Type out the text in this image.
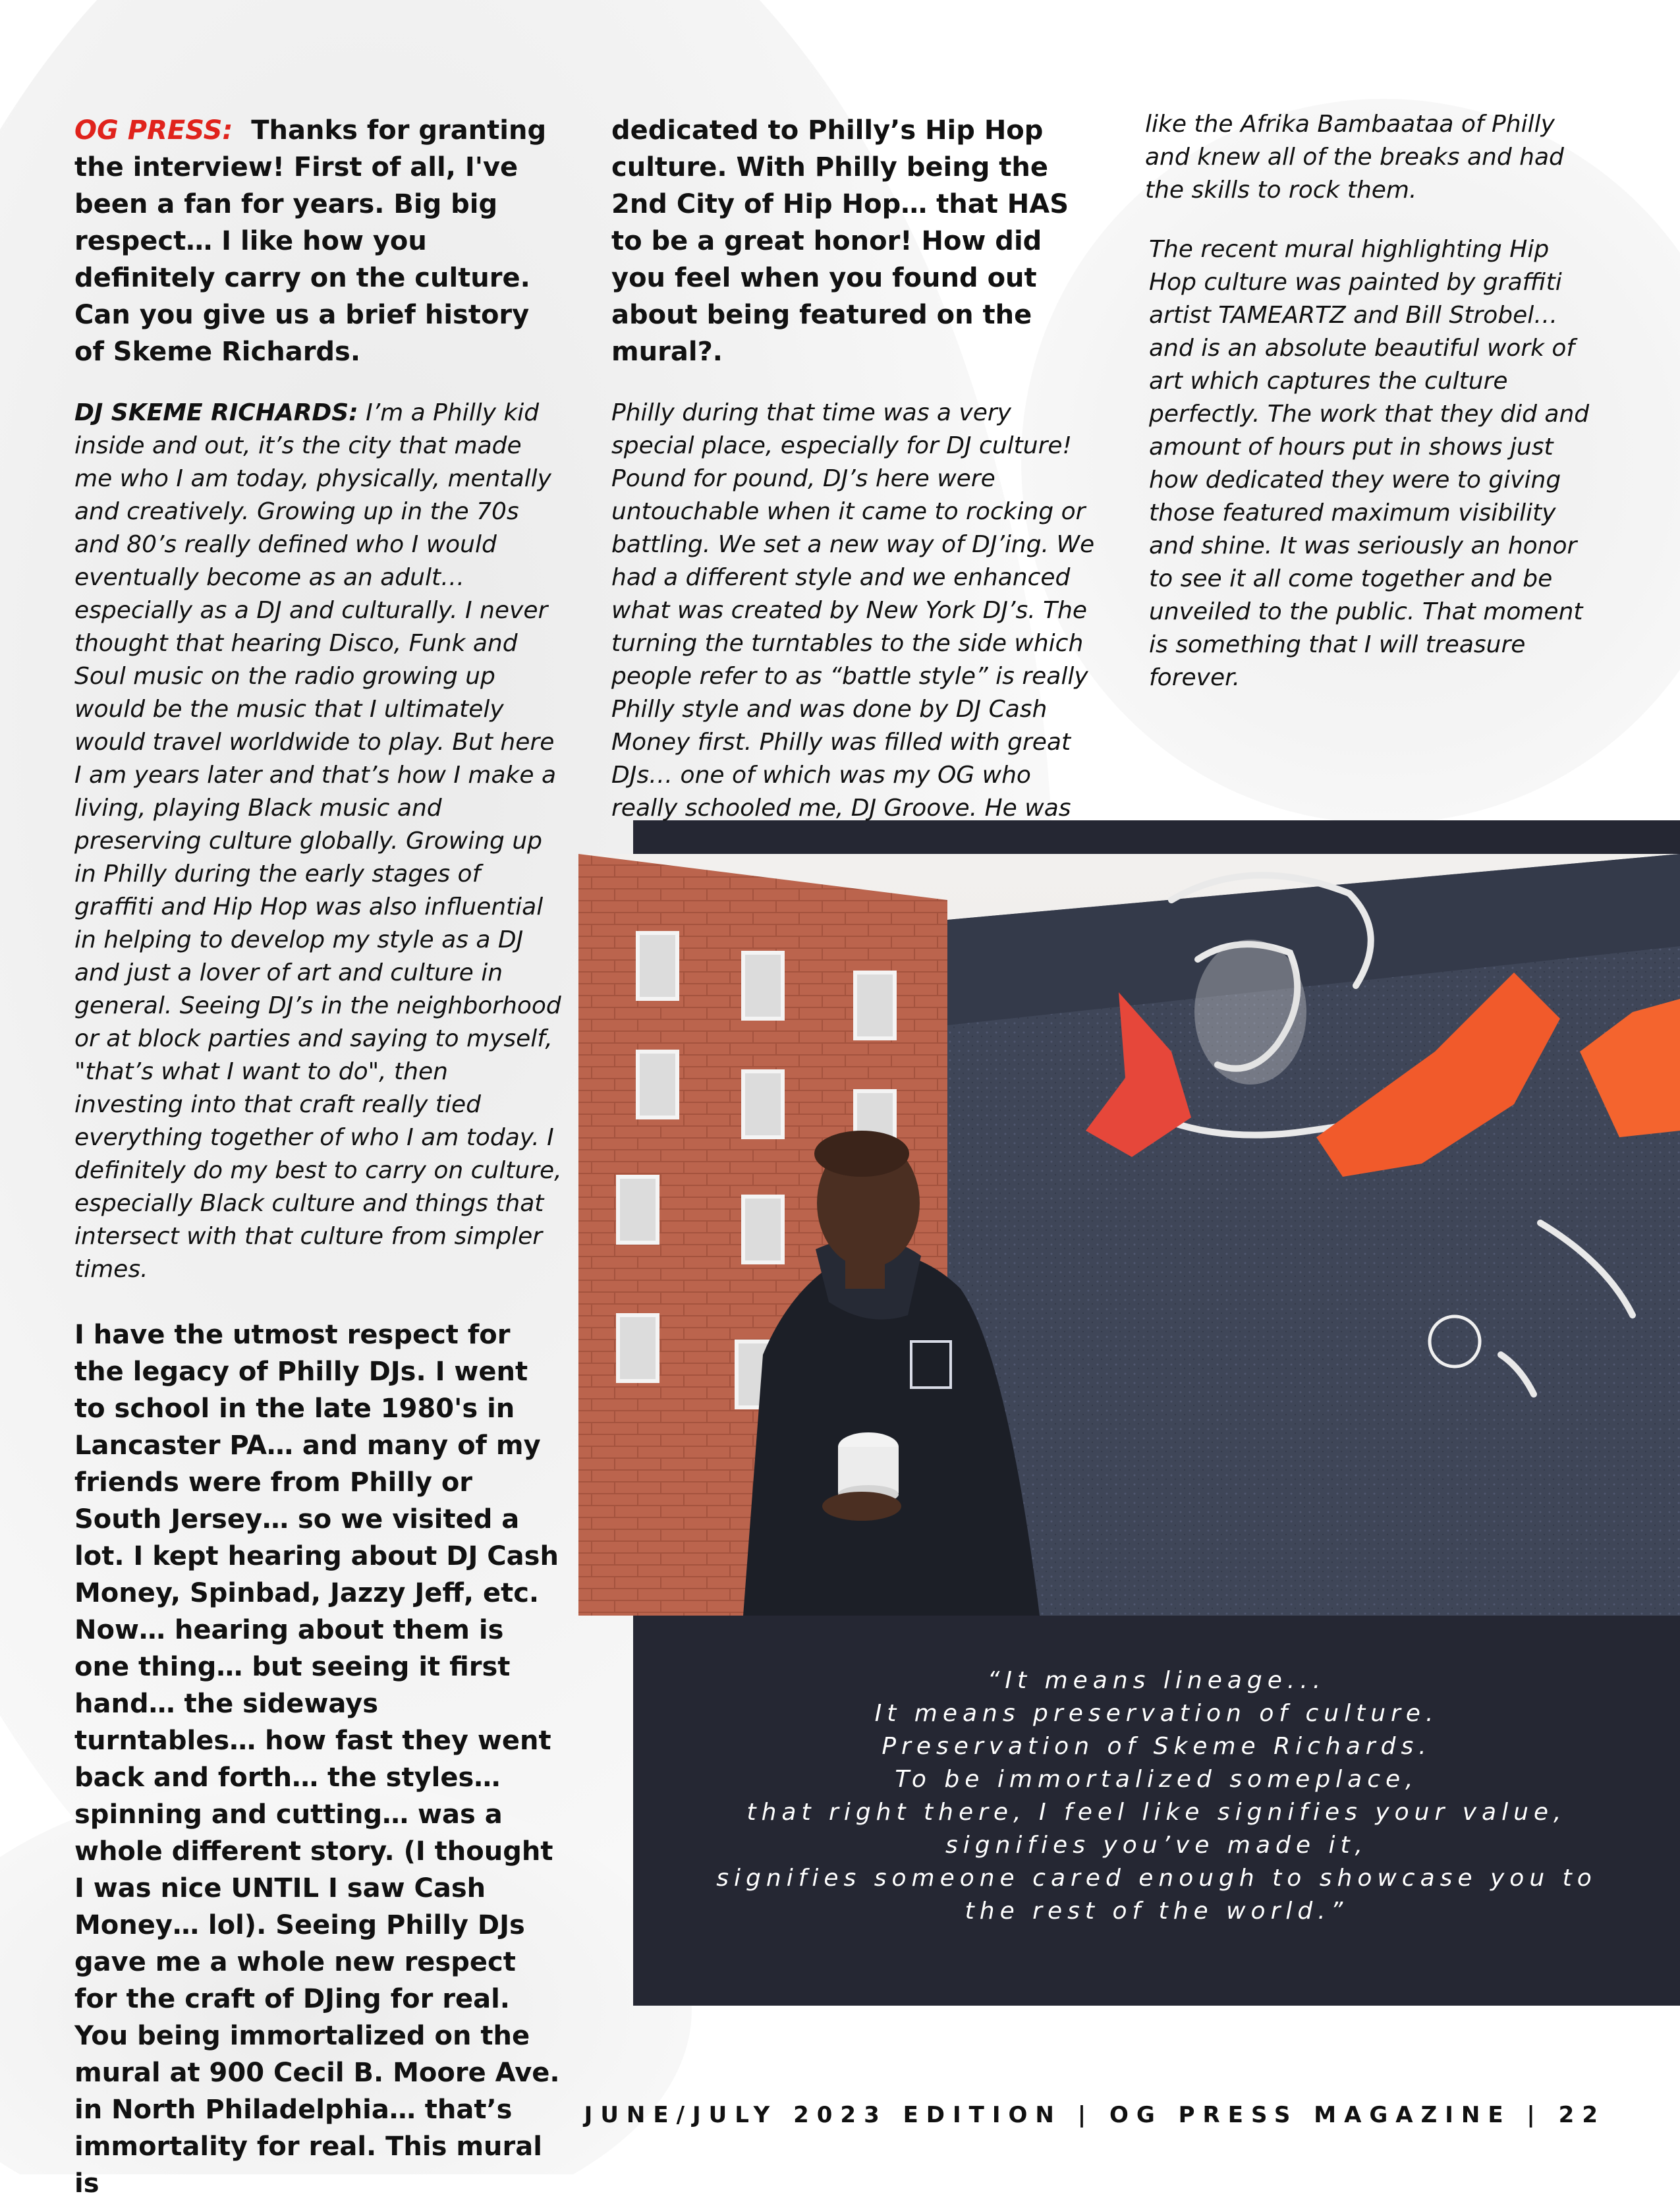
OG PRESS: Thanks for granting the interview! First of all, I've been a fan for years. Big big respect… I like how you definitely carry on the culture. Can you give us a brief history of Skeme Richards.

DJ SKEME RICHARDS: I’m a Philly kid inside and out, it’s the city that made me who I am today, physically, mentally and creatively. Growing up in the 70s and 80’s really defined who I would eventually become as an adult… especially as a DJ and culturally. I never thought that hearing Disco, Funk and Soul music on the radio growing up would be the music that I ultimately would travel worldwide to play. But here I am years later and that’s how I make a living, playing Black music and preserving culture globally. Growing up in Philly during the early stages of graffiti and Hip Hop was also influential in helping to develop my style as a DJ and just a lover of art and culture in general. Seeing DJ’s in the neighborhood or at block parties and saying to myself, "that’s what I want to do", then investing into that craft really tied everything together of who I am today. I definitely do my best to carry on culture, especially Black culture and things that intersect with that culture from simpler times.

I have the utmost respect for the legacy of Philly DJs. I went to school in the late 1980's in Lancaster PA… and many of my friends were from Philly or South Jersey… so we visited a lot. I kept hearing about DJ Cash Money, Spinbad, Jazzy Jeff, etc. Now… hearing about them is one thing… but seeing it first hand… the sideways turntables… how fast they went back and forth… the styles… spinning and cutting… was a whole different story. (I thought I was nice UNTIL I saw Cash Money… lol). Seeing Philly DJs gave me a whole new respect for the craft of DJing for real. You being immortalized on the mural at 900 Cecil B. Moore Ave. in North Philadelphia… that’s immortality for real. This mural is

dedicated to Philly’s Hip Hop culture. With Philly being the 2nd City of Hip Hop… that HAS to be a great honor! How did you feel when you found out about being featured on the mural?.

Philly during that time was a very special place, especially for DJ culture! Pound for pound, DJ’s here were untouchable when it came to rocking or battling. We set a new way of DJ’ing. We had a different style and we enhanced what was created by New York DJ’s. The turning the turntables to the side which people refer to as “battle style” is really Philly style and was done by DJ Cash Money first. Philly was filled with great DJs… one of which was my OG who really schooled me, DJ Groove. He was

like the Afrika Bambaataa of Philly and knew all of the breaks and had the skills to rock them.

The recent mural highlighting Hip Hop culture was painted by graffiti artist TAMEARTZ and Bill Strobel… and is an absolute beautiful work of art which captures the culture perfectly. The work that they did and amount of hours put in shows just how dedicated they were to giving those featured maximum visibility and shine. It was seriously an honor to see it all come together and be unveiled to the public. That moment is something that I will treasure forever.

“It means lineage...
It means preservation of culture.
Preservation of Skeme Richards.
To be immortalized someplace,
that right there, I feel like signifies your value,
signifies you’ve made it,
signifies someone cared enough to showcase you to
the rest of the world.”

JUNE/JULY 2023 EDITION | OG PRESS MAGAZINE | 22
